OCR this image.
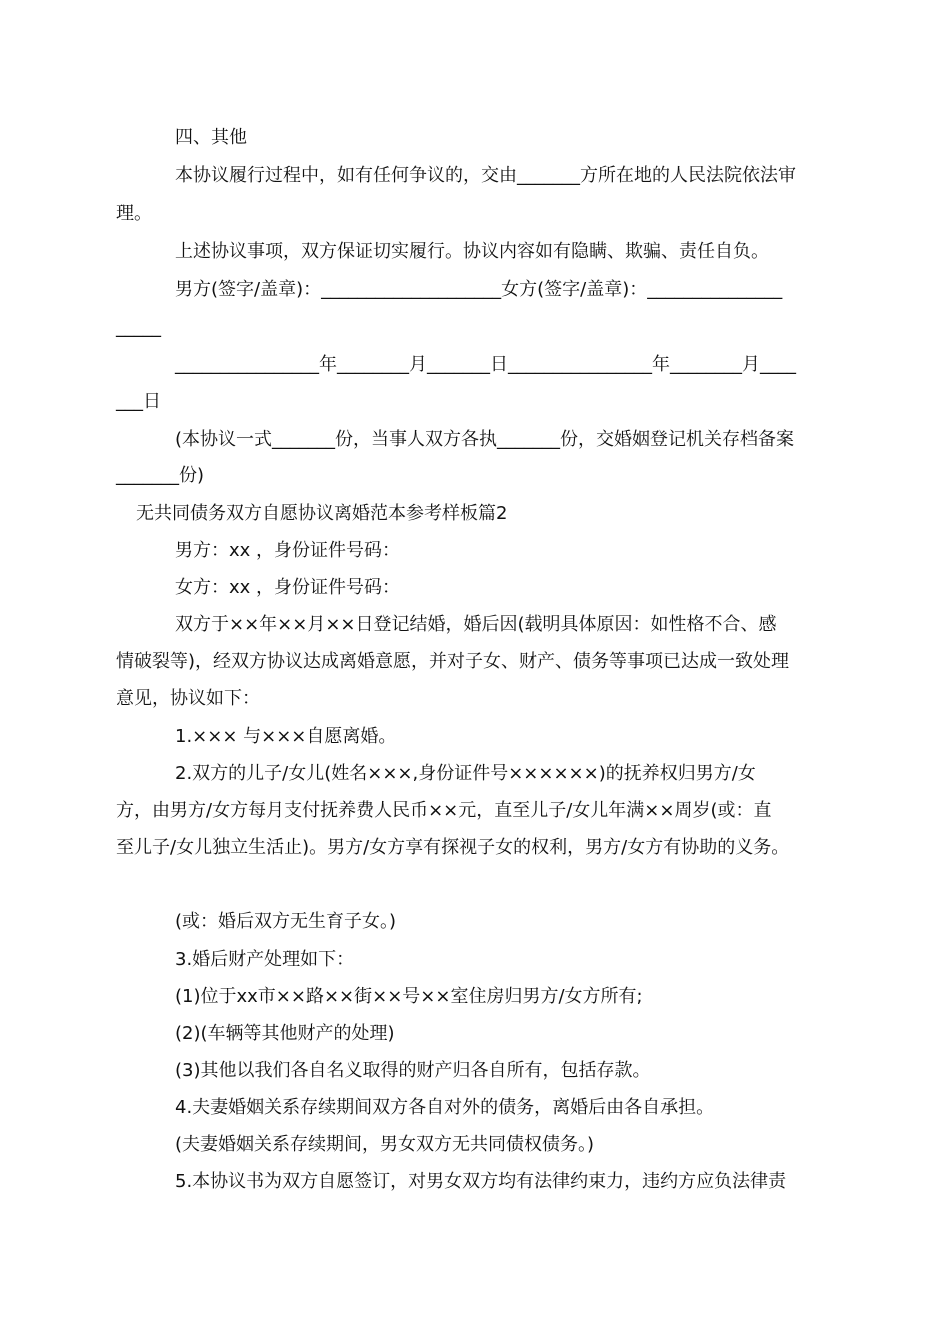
四、其他
本协议履行过程中，如有任何争议的，交由_______方所在地的人民法院依法审
理。
上述协议事项，双方保证切实履行。协议内容如有隐瞒、欺骗、责任自负。
男方(签字/盖章)：____________________女方(签字/盖章)：_______________
_____
________________年________月_______日________________年________月____
___日
(本协议一式_______份，当事人双方各执_______份，交婚姻登记机关存档备案
_______份)
无共同债务双方自愿协议离婚范本参考样板篇2
男方：xx ，身份证件号码：
女方：xx ，身份证件号码：
双方于××年××月××日登记结婚，婚后因(载明具体原因：如性格不合、感
情破裂等)，经双方协议达成离婚意愿，并对子女、财产、债务等事项已达成一致处理
意见，协议如下：
1.××× 与×××自愿离婚。
2.双方的儿子/女儿(姓名×××,身份证件号××××××)的抚养权归男方/女
方，由男方/女方每月支付抚养费人民币××元，直至儿子/女儿年满××周岁(或：直
至儿子/女儿独立生活止)。男方/女方享有探视子女的权利，男方/女方有协助的义务。
(或：婚后双方无生育子女。)
3.婚后财产处理如下：
(1)位于xx市××路××街××号××室住房归男方/女方所有;
(2)(车辆等其他财产的处理)
(3)其他以我们各自名义取得的财产归各自所有，包括存款。
4.夫妻婚姻关系存续期间双方各自对外的债务，离婚后由各自承担。
(夫妻婚姻关系存续期间，男女双方无共同债权债务。)
5.本协议书为双方自愿签订，对男女双方均有法律约束力，违约方应负法律责
